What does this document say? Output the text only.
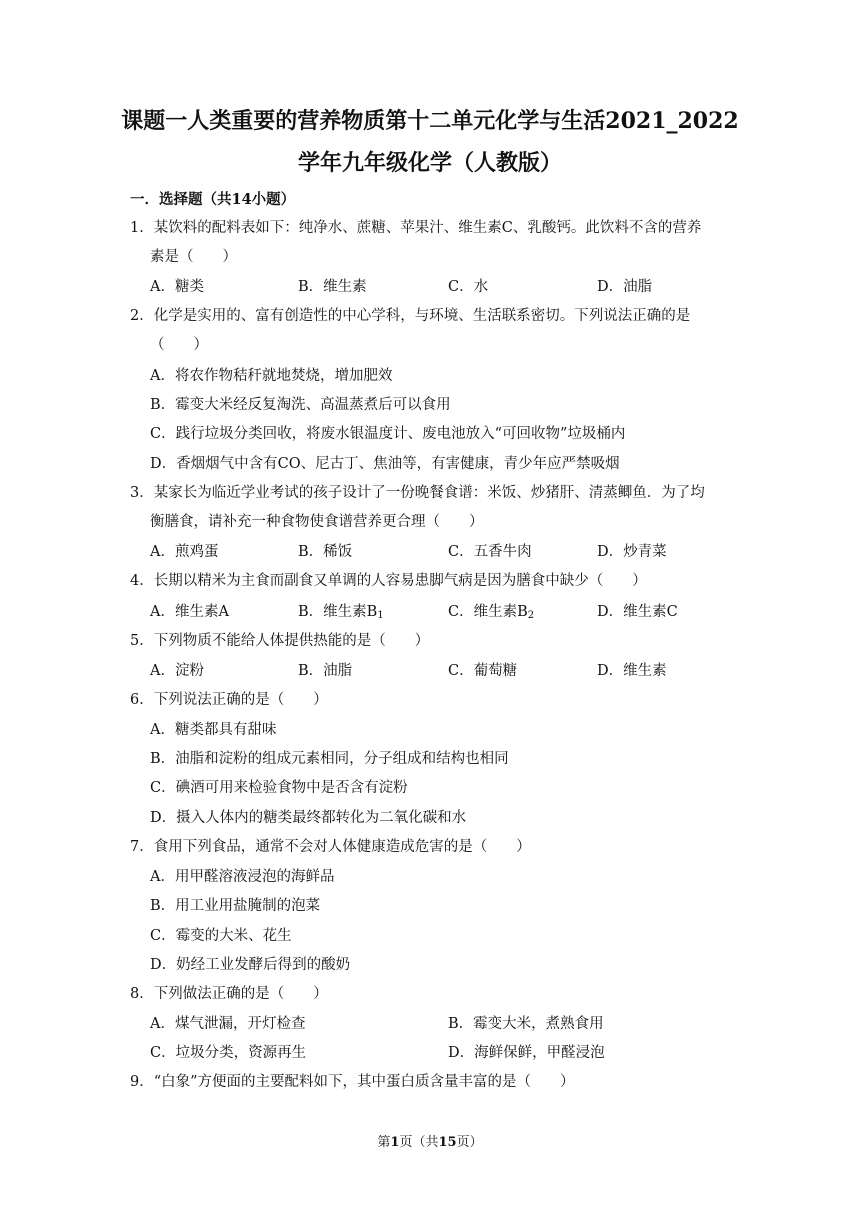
课题一人类重要的营养物质第十二单元化学与生活2021_2022
学年九年级化学（人教版）
一．选择题（共14小题）
1．某饮料的配料表如下：纯净水、蔗糖、苹果汁、维生素C、乳酸钙。此饮料不含的营养
素是（　　）
A．糖类	B．维生素	C．水	D．油脂
2．化学是实用的、富有创造性的中心学科，与环境、生活联系密切。下列说法正确的是
（　　）
A．将农作物秸秆就地焚烧，增加肥效
B．霉变大米经反复淘洗、高温蒸煮后可以食用
C．践行垃圾分类回收，将废水银温度计、废电池放入“可回收物”垃圾桶内
D．香烟烟气中含有CO、尼古丁、焦油等，有害健康，青少年应严禁吸烟
3．某家长为临近学业考试的孩子设计了一份晚餐食谱：米饭、炒猪肝、清蒸鲫鱼．为了均
衡膳食，请补充一种食物使食谱营养更合理（　　）
A．煎鸡蛋	B．稀饭	C．五香牛肉	D．炒青菜
4．长期以精米为主食而副食又单调的人容易患脚气病是因为膳食中缺少（　　）
A．维生素A	B．维生素$B_1$	C．维生素$B_2$	D．维生素C
5．下列物质不能给人体提供热能的是（　　）
A．淀粉	B．油脂	C．葡萄糖	D．维生素
6．下列说法正确的是（　　）
A．糖类都具有甜味
B．油脂和淀粉的组成元素相同，分子组成和结构也相同
C．碘酒可用来检验食物中是否含有淀粉
D．摄入人体内的糖类最终都转化为二氧化碳和水
7．食用下列食品，通常不会对人体健康造成危害的是（　　）
A．用甲醛溶液浸泡的海鲜品
B．用工业用盐腌制的泡菜
C．霉变的大米、花生
D．奶经工业发酵后得到的酸奶
8．下列做法正确的是（　　）
A．煤气泄漏，开灯检查	B．霉变大米，煮熟食用
C．垃圾分类，资源再生	D．海鲜保鲜，甲醛浸泡
9．“白象”方便面的主要配料如下，其中蛋白质含量丰富的是（　　）
第1页（共15页）
